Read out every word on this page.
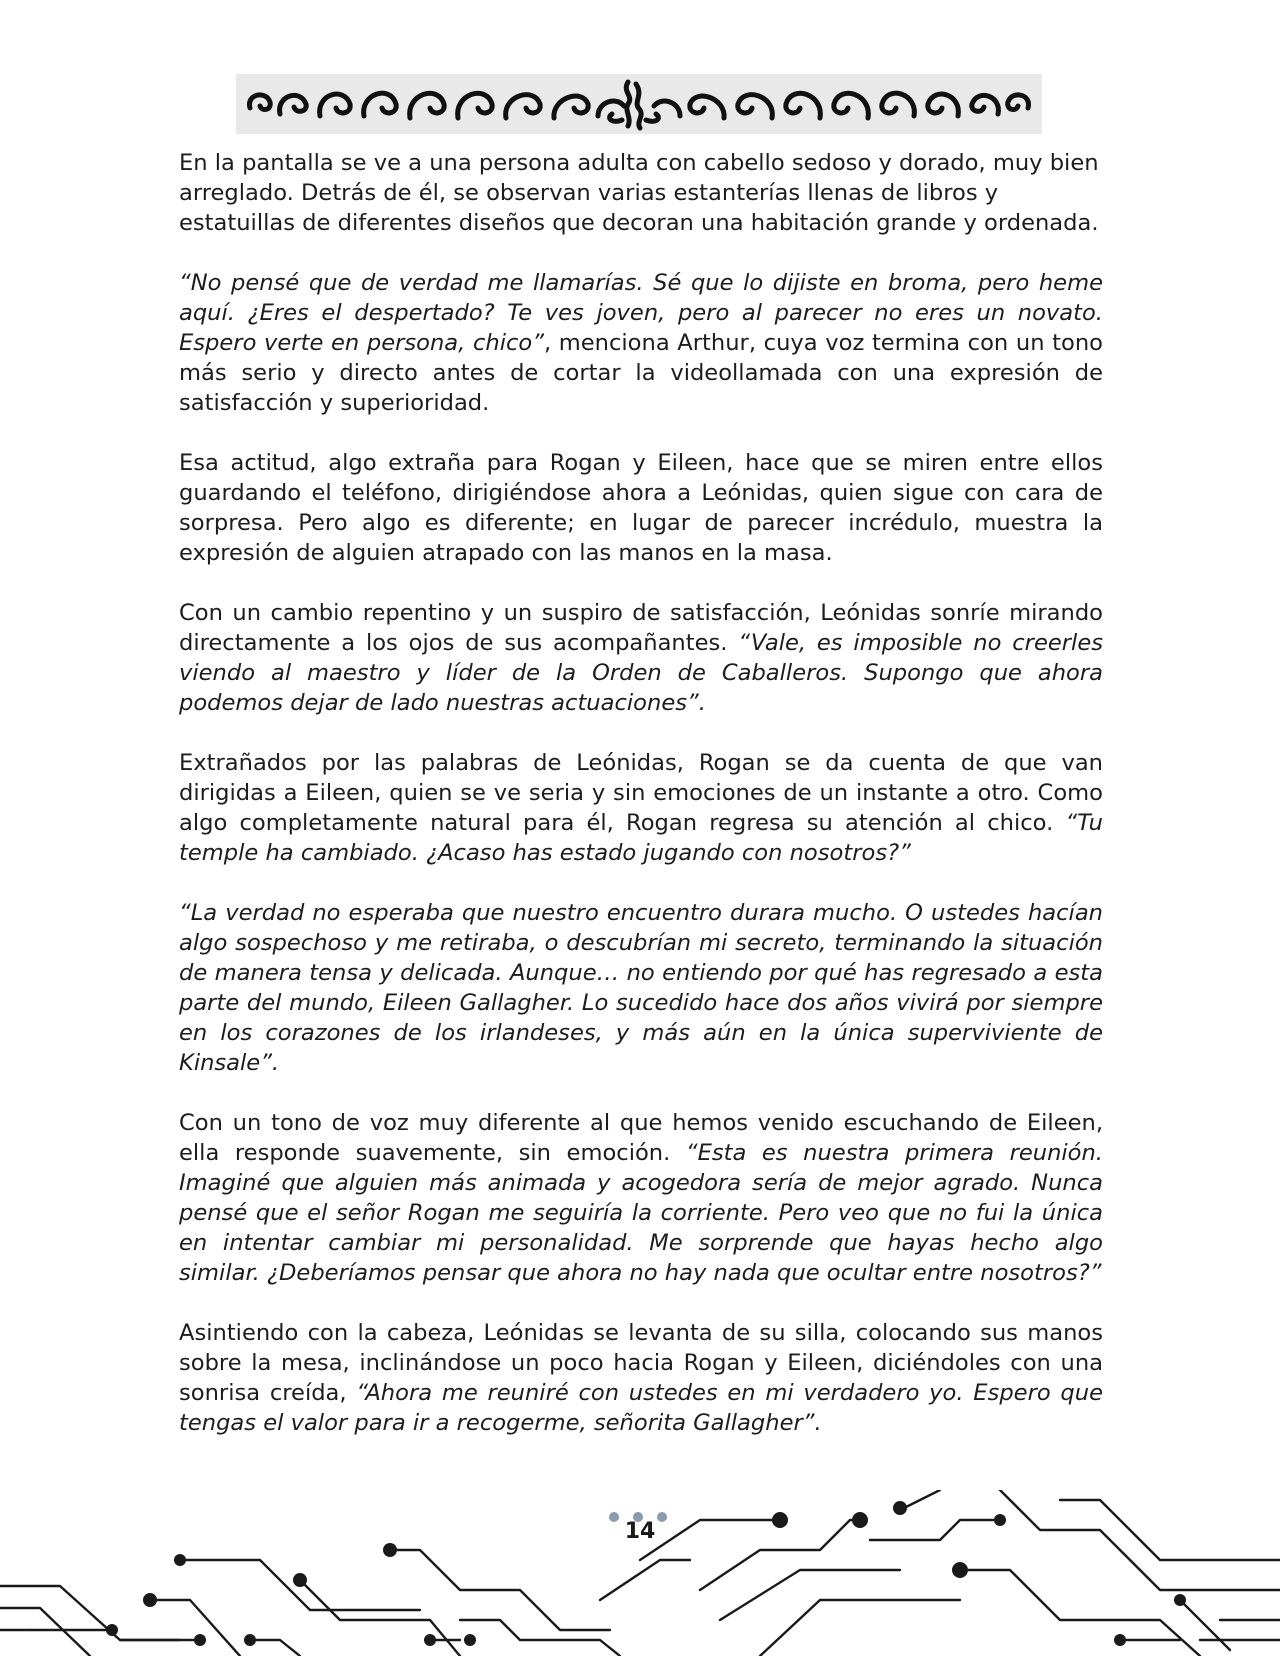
En la pantalla se ve a una persona adulta con cabello sedoso y dorado, muy bien arreglado. Detrás de él, se observan varias estanterías llenas de libros y estatuillas de diferentes diseños que decoran una habitación grande y ordenada.

“No pensé que de verdad me llamarías. Sé que lo dijiste en broma, pero heme aquí. ¿Eres el despertado? Te ves joven, pero al parecer no eres un novato. Espero verte en persona, chico”, menciona Arthur, cuya voz termina con un tono más serio y directo antes de cortar la videollamada con una expresión de satisfacción y superioridad.

Esa actitud, algo extraña para Rogan y Eileen, hace que se miren entre ellos guardando el teléfono, dirigiéndose ahora a Leónidas, quien sigue con cara de sorpresa. Pero algo es diferente; en lugar de parecer incrédulo, muestra la expresión de alguien atrapado con las manos en la masa.

Con un cambio repentino y un suspiro de satisfacción, Leónidas sonríe mirando directamente a los ojos de sus acompañantes. “Vale, es imposible no creerles viendo al maestro y líder de la Orden de Caballeros. Supongo que ahora podemos dejar de lado nuestras actuaciones”.

Extrañados por las palabras de Leónidas, Rogan se da cuenta de que van dirigidas a Eileen, quien se ve seria y sin emociones de un instante a otro. Como algo completamente natural para él, Rogan regresa su atención al chico. “Tu temple ha cambiado. ¿Acaso has estado jugando con nosotros?”

“La verdad no esperaba que nuestro encuentro durara mucho. O ustedes hacían algo sospechoso y me retiraba, o descubrían mi secreto, terminando la situación de manera tensa y delicada. Aunque… no entiendo por qué has regresado a esta parte del mundo, Eileen Gallagher. Lo sucedido hace dos años vivirá por siempre en los corazones de los irlandeses, y más aún en la única superviviente de Kinsale”.

Con un tono de voz muy diferente al que hemos venido escuchando de Eileen, ella responde suavemente, sin emoción. “Esta es nuestra primera reunión. Imaginé que alguien más animada y acogedora sería de mejor agrado. Nunca pensé que el señor Rogan me seguiría la corriente. Pero veo que no fui la única en intentar cambiar mi personalidad. Me sorprende que hayas hecho algo similar. ¿Deberíamos pensar que ahora no hay nada que ocultar entre nosotros?”

Asintiendo con la cabeza, Leónidas se levanta de su silla, colocando sus manos sobre la mesa, inclinándose un poco hacia Rogan y Eileen, diciéndoles con una sonrisa creída, “Ahora me reuniré con ustedes en mi verdadero yo. Espero que tengas el valor para ir a recogerme, señorita Gallagher”.

14
